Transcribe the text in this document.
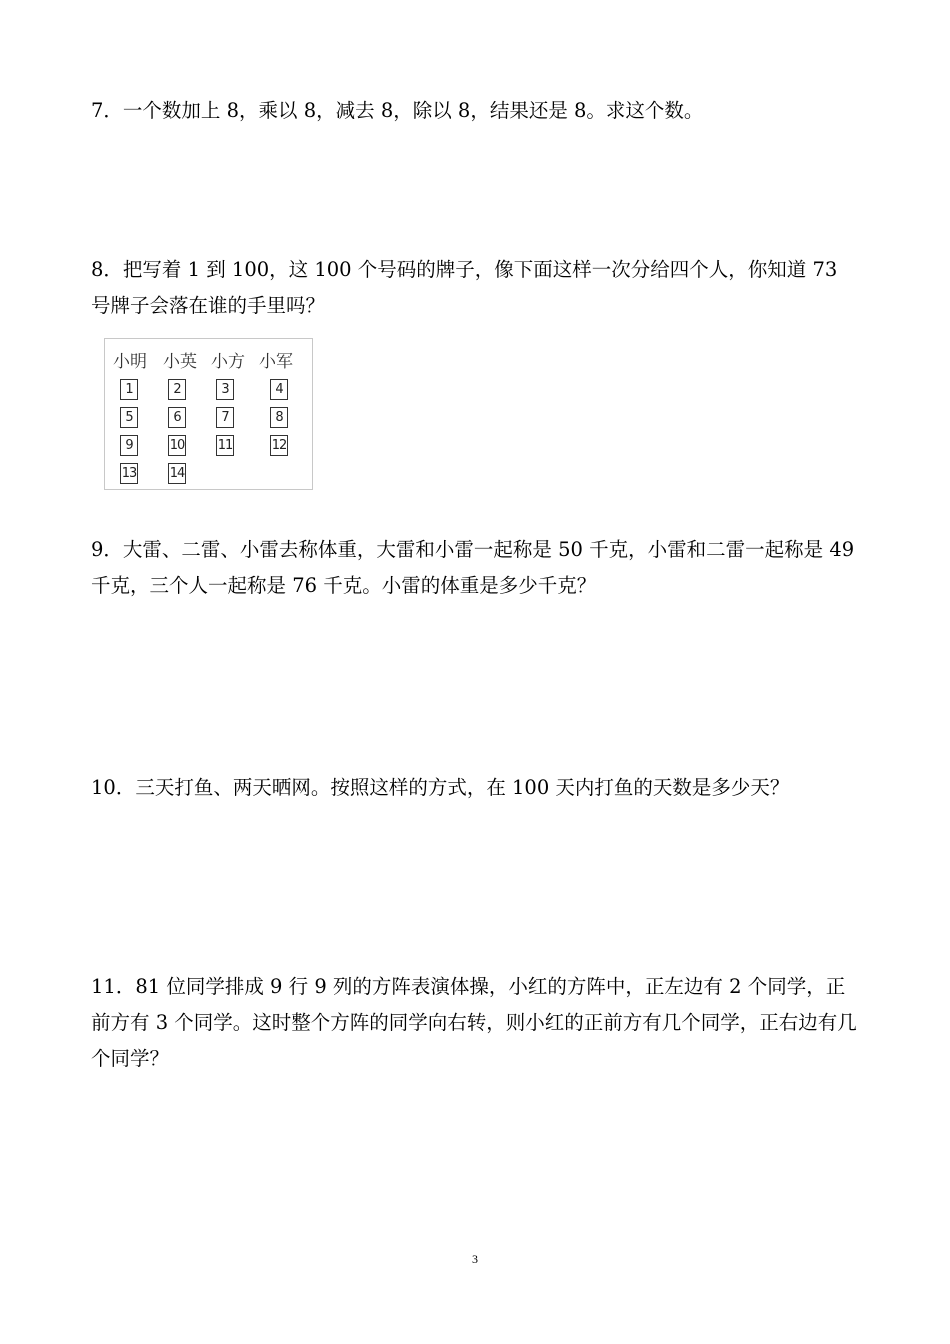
7．一个数加上 8，乘以 8，减去 8，除以 8，结果还是 8。求这个数。

8．把写着 1 到 100，这 100 个号码的牌子，像下面这样一次分给四个人，你知道 73 号牌子会落在谁的手里吗？

小明 小英 小方 小军
1	2	3	4
5	6	7	8
9	10	11	12
13	14

9．大雷、二雷、小雷去称体重，大雷和小雷一起称是 50 千克，小雷和二雷一起称是 49 千克，三个人一起称是 76 千克。小雷的体重是多少千克？

10．三天打鱼、两天晒网。按照这样的方式，在 100 天内打鱼的天数是多少天？

11．81 位同学排成 9 行 9 列的方阵表演体操，小红的方阵中，正左边有 2 个同学，正前方有 3 个同学。这时整个方阵的同学向右转，则小红的正前方有几个同学，正右边有几个同学？

3
